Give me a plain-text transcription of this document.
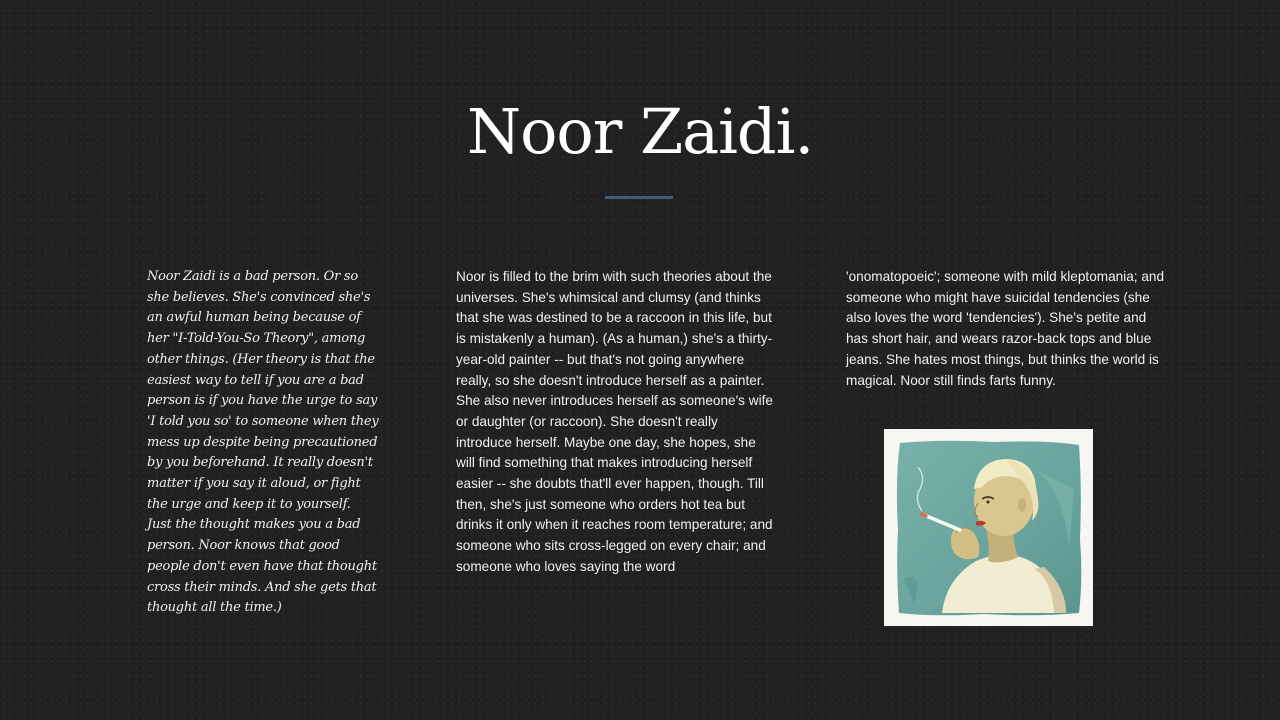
Noor Zaidi.

Noor Zaidi is a bad person. Or so she believes. She's convinced she's an awful human being because of her "I-Told-You-So Theory", among other things. (Her theory is that the easiest way to tell if you are a bad person is if you have the urge to say 'I told you so' to someone when they mess up despite being precautioned by you beforehand. It really doesn't matter if you say it aloud, or fight the urge and keep it to yourself. Just the thought makes you a bad person. Noor knows that good people don't even have that thought cross their minds. And she gets that thought all the time.)

Noor is filled to the brim with such theories about the universes. She's whimsical and clumsy (and thinks that she was destined to be a raccoon in this life, but is mistakenly a human). (As a human,) she's a thirty-year-old painter -- but that's not going anywhere really, so she doesn't introduce herself as a painter. She also never introduces herself as someone's wife or daughter (or raccoon). She doesn't really introduce herself. Maybe one day, she hopes, she will find something that makes introducing herself easier -- she doubts that'll ever happen, though. Till then, she's just someone who orders hot tea but drinks it only when it reaches room temperature; and someone who sits cross-legged on every chair; and someone who loves saying the word

'onomatopoeic'; someone with mild kleptomania; and someone who might have suicidal tendencies (she also loves the word 'tendencies'). She's petite and has short hair, and wears razor-back tops and blue jeans. She hates most things, but thinks the world is magical. Noor still finds farts funny.
